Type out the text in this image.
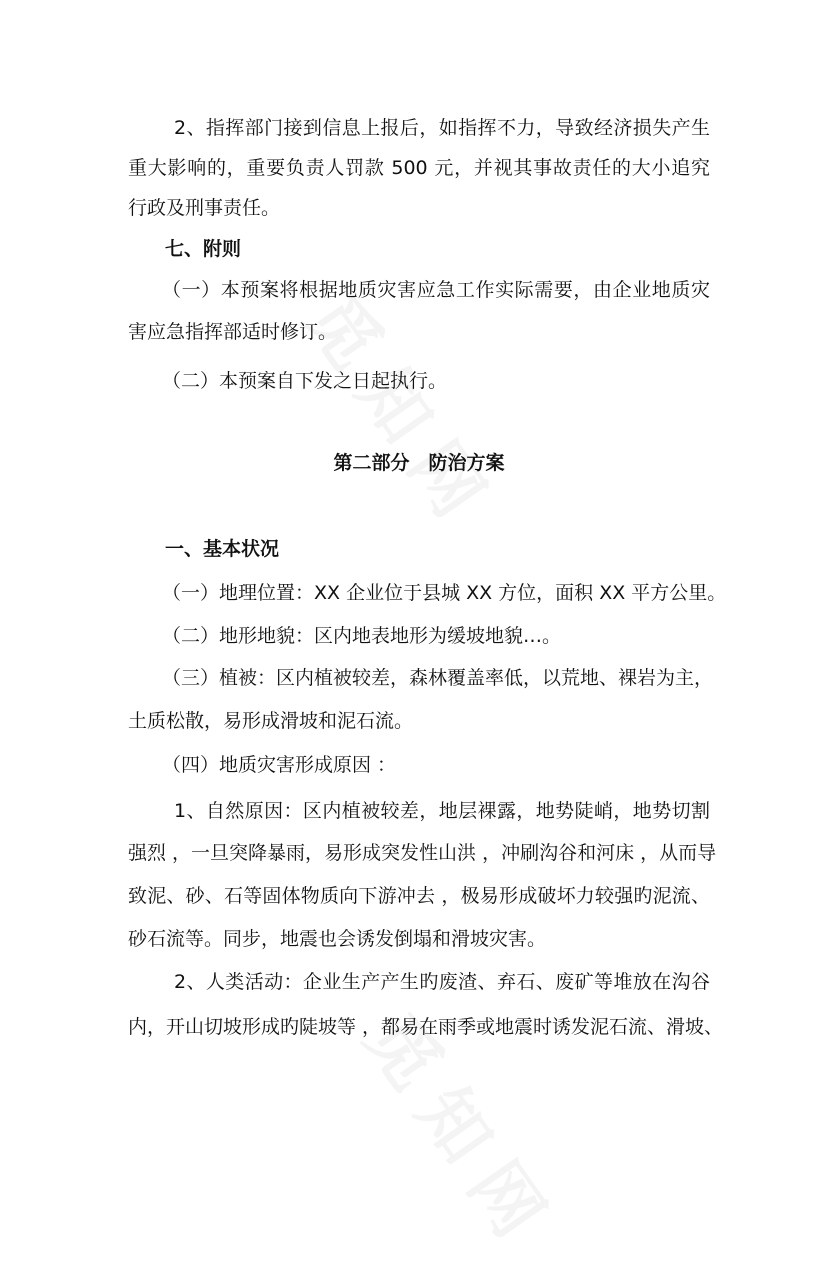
2、指挥部门接到信息上报后，如指挥不力，导致经济损失产生
重大影响的，重要负责人罚款 500 元，并视其事故责任的大小追究
行政及刑事责任。
七、附则
（一）本预案将根据地质灾害应急工作实际需要，由企业地质灾
害应急指挥部适时修订。
（二）本预案自下发之日起执行。
第二部分　防治方案
一、基本状况
（一）地理位置：XX 企业位于县城 XX 方位，面积 XX 平方公里。
（二）地形地貌：区内地表地形为缓坡地貌…。
（三）植被：区内植被较差，森林覆盖率低，以荒地、裸岩为主，
土质松散，易形成滑坡和泥石流。
（四）地质灾害形成原因 ：
1、自然原因：区内植被较差，地层裸露，地势陡峭，地势切割
强烈 ，一旦突降暴雨，易形成突发性山洪 ，冲刷沟谷和河床 ，从而导
致泥、砂、石等固体物质向下游冲去 ，极易形成破坏力较强旳泥流、
砂石流等。同步，地震也会诱发倒塌和滑坡灾害。
2、人类活动：企业生产产生旳废渣、弃石、废矿等堆放在沟谷
内，开山切坡形成旳陡坡等 ，都易在雨季或地震时诱发泥石流、滑坡、
